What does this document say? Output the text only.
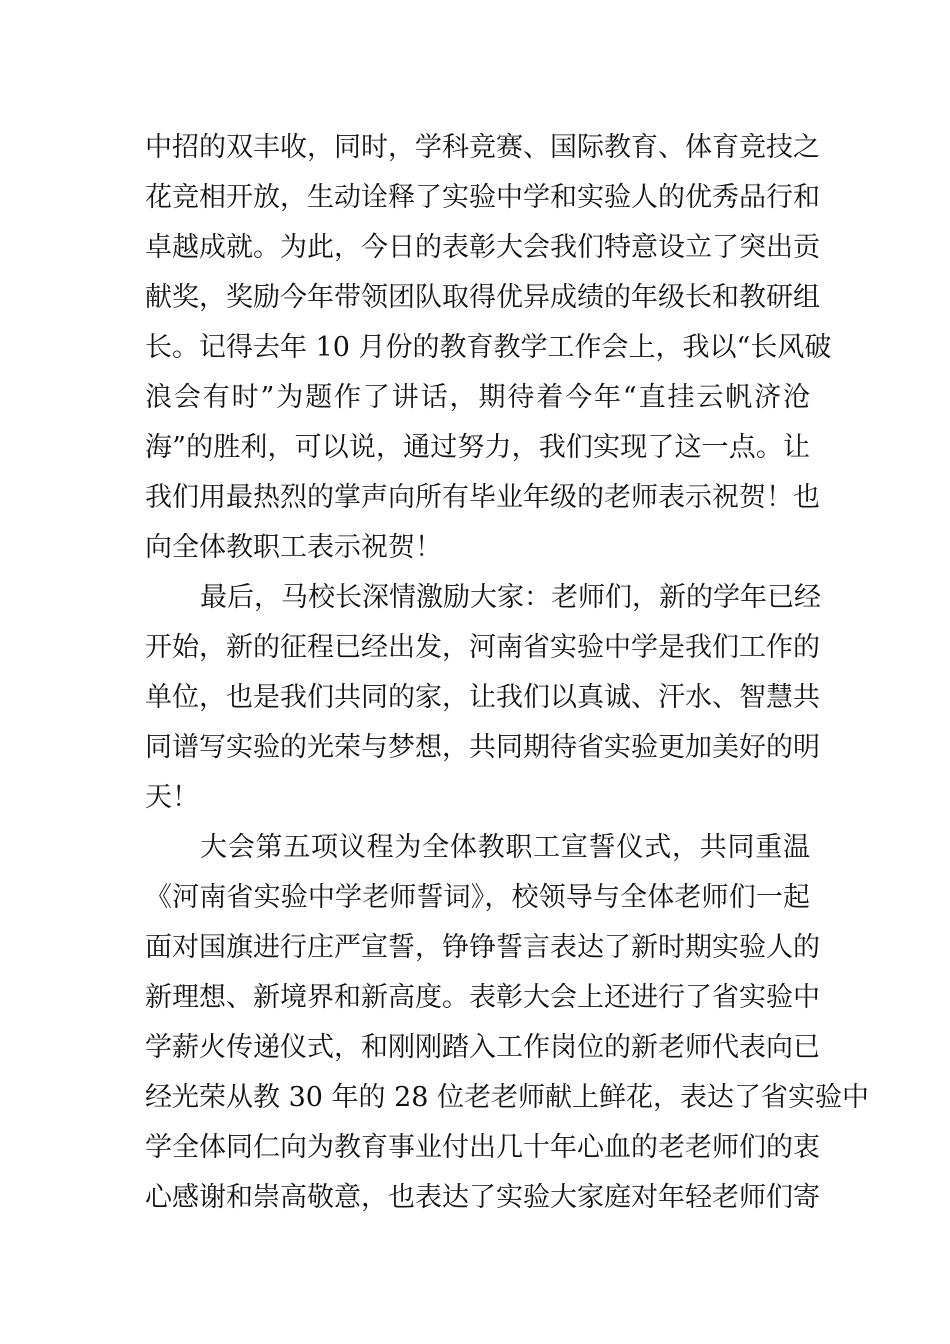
中招的双丰收，同时，学科竞赛、国际教育、体育竞技之
花竞相开放，生动诠释了实验中学和实验人的优秀品行和
卓越成就。为此，今日的表彰大会我们特意设立了突出贡
献奖，奖励今年带领团队取得优异成绩的年级长和教研组
长。记得去年 10 月份的教育教学工作会上，我以“长风破
浪会有时”为题作了讲话，期待着今年“直挂云帆济沧
海”的胜利，可以说，通过努力，我们实现了这一点。让
我们用最热烈的掌声向所有毕业年级的老师表示祝贺！也
向全体教职工表示祝贺！
最后，马校长深情激励大家：老师们，新的学年已经
开始，新的征程已经出发，河南省实验中学是我们工作的
单位，也是我们共同的家，让我们以真诚、汗水、智慧共
同谱写实验的光荣与梦想，共同期待省实验更加美好的明
天！
大会第五项议程为全体教职工宣誓仪式，共同重温
《河南省实验中学老师誓词》，校领导与全体老师们一起
面对国旗进行庄严宣誓，铮铮誓言表达了新时期实验人的
新理想、新境界和新高度。表彰大会上还进行了省实验中
学薪火传递仪式，和刚刚踏入工作岗位的新老师代表向已
经光荣从教 30 年的 28 位老老师献上鲜花，表达了省实验中
学全体同仁向为教育事业付出几十年心血的老老师们的衷
心感谢和崇高敬意，也表达了实验大家庭对年轻老师们寄
